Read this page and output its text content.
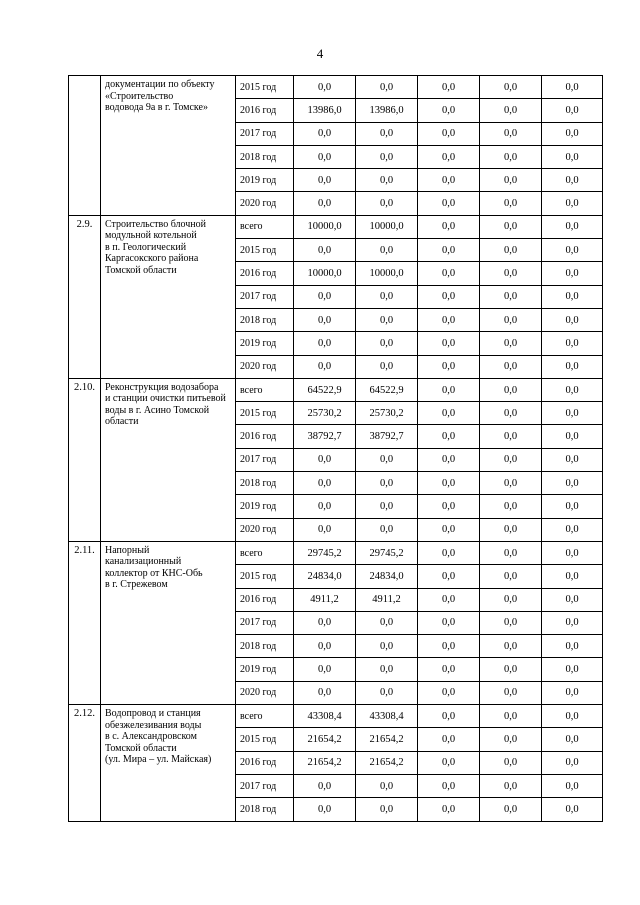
4

	документации по объекту
«Строительство
водовода 9а в г. Томске»	2015 год	0,0	0,0	0,0	0,0	0,0
		2016 год	13986,0	13986,0	0,0	0,0	0,0
		2017 год	0,0	0,0	0,0	0,0	0,0
		2018 год	0,0	0,0	0,0	0,0	0,0
		2019 год	0,0	0,0	0,0	0,0	0,0
		2020 год	0,0	0,0	0,0	0,0	0,0
2.9.	Строительство блочной
модульной котельной
в п. Геологический
Каргасокского района
Томской области	всего	10000,0	10000,0	0,0	0,0	0,0
		2015 год	0,0	0,0	0,0	0,0	0,0
		2016 год	10000,0	10000,0	0,0	0,0	0,0
		2017 год	0,0	0,0	0,0	0,0	0,0
		2018 год	0,0	0,0	0,0	0,0	0,0
		2019 год	0,0	0,0	0,0	0,0	0,0
		2020 год	0,0	0,0	0,0	0,0	0,0
2.10.	Реконструкция водозабора
и станции очистки питьевой
воды в г. Асино Томской
области	всего	64522,9	64522,9	0,0	0,0	0,0
		2015 год	25730,2	25730,2	0,0	0,0	0,0
		2016 год	38792,7	38792,7	0,0	0,0	0,0
		2017 год	0,0	0,0	0,0	0,0	0,0
		2018 год	0,0	0,0	0,0	0,0	0,0
		2019 год	0,0	0,0	0,0	0,0	0,0
		2020 год	0,0	0,0	0,0	0,0	0,0
2.11.	Напорный
канализационный
коллектор от КНС-Обь
в г. Стрежевом	всего	29745,2	29745,2	0,0	0,0	0,0
		2015 год	24834,0	24834,0	0,0	0,0	0,0
		2016 год	4911,2	4911,2	0,0	0,0	0,0
		2017 год	0,0	0,0	0,0	0,0	0,0
		2018 год	0,0	0,0	0,0	0,0	0,0
		2019 год	0,0	0,0	0,0	0,0	0,0
		2020 год	0,0	0,0	0,0	0,0	0,0
2.12.	Водопровод и станция
обезжелезивания воды
в с. Александровском
Томской области
(ул. Мира – ул. Майская)	всего	43308,4	43308,4	0,0	0,0	0,0
		2015 год	21654,2	21654,2	0,0	0,0	0,0
		2016 год	21654,2	21654,2	0,0	0,0	0,0
		2017 год	0,0	0,0	0,0	0,0	0,0
		2018 год	0,0	0,0	0,0	0,0	0,0
